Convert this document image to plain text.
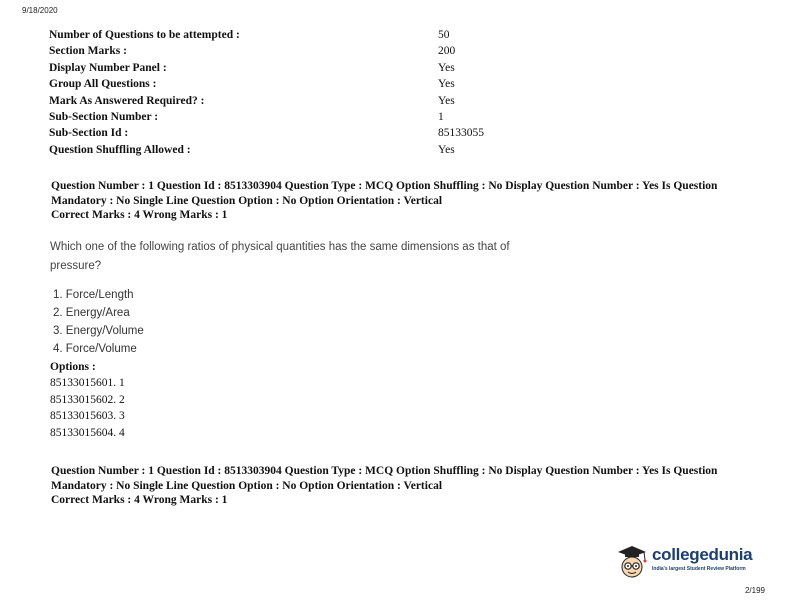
9/18/2020
Number of Questions to be attempted :	50
Section Marks :	200
Display Number Panel :	Yes
Group All Questions :	Yes
Mark As Answered Required? :	Yes
Sub-Section Number :	1
Sub-Section Id :	85133055
Question Shuffling Allowed :	Yes
Question Number : 1 Question Id : 8513303904 Question Type : MCQ Option Shuffling : No Display Question Number : Yes Is Question
Mandatory : No Single Line Question Option : No Option Orientation : Vertical
Correct Marks : 4 Wrong Marks : 1
Which one of the following ratios of physical quantities has the same dimensions as that of
pressure?
1. Force/Length
2. Energy/Area
3. Energy/Volume
4. Force/Volume
Options :
85133015601. 1
85133015602. 2
85133015603. 3
85133015604. 4
Question Number : 1 Question Id : 8513303904 Question Type : MCQ Option Shuffling : No Display Question Number : Yes Is Question
Mandatory : No Single Line Question Option : No Option Orientation : Vertical
Correct Marks : 4 Wrong Marks : 1
collegedunia
India's largest Student Review Platform
2/199
